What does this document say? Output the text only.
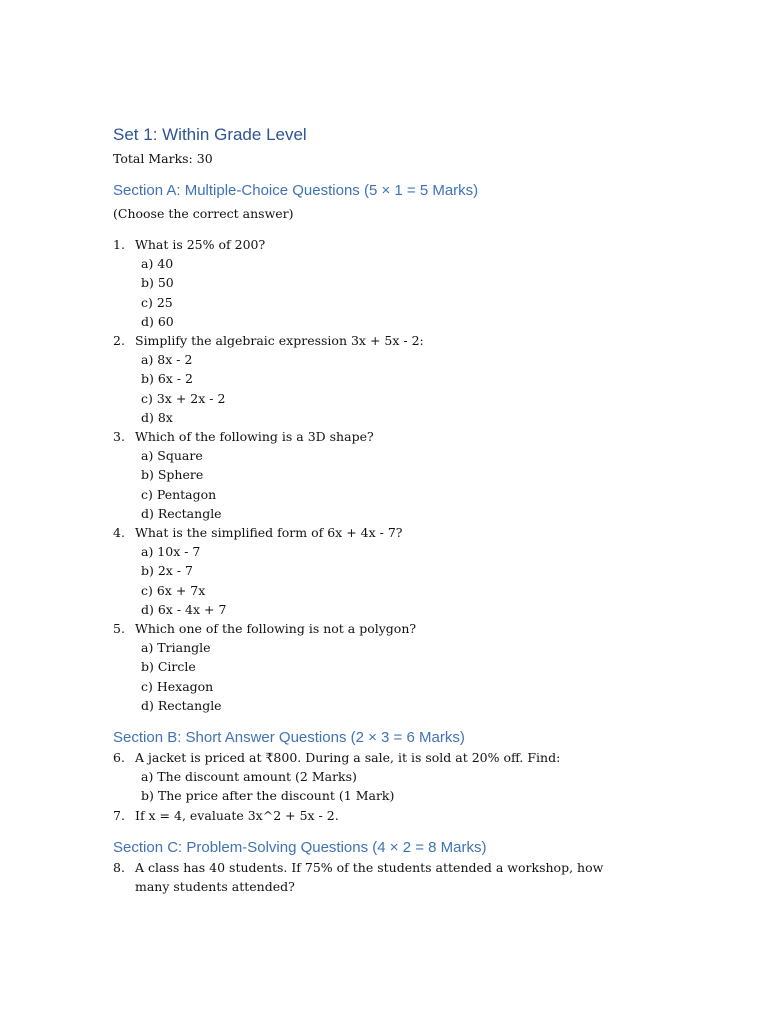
Set 1: Within Grade Level
Total Marks: 30
Section A: Multiple-Choice Questions (5 × 1 = 5 Marks)
(Choose the correct answer)
1. What is 25% of 200?
a) 40
b) 50
c) 25
d) 60
2. Simplify the algebraic expression 3x + 5x - 2:
a) 8x - 2
b) 6x - 2
c) 3x + 2x - 2
d) 8x
3. Which of the following is a 3D shape?
a) Square
b) Sphere
c) Pentagon
d) Rectangle
4. What is the simplified form of 6x + 4x - 7?
a) 10x - 7
b) 2x - 7
c) 6x + 7x
d) 6x - 4x + 7
5. Which one of the following is not a polygon?
a) Triangle
b) Circle
c) Hexagon
d) Rectangle
Section B: Short Answer Questions (2 × 3 = 6 Marks)
6. A jacket is priced at ₹800. During a sale, it is sold at 20% off. Find:
a) The discount amount (2 Marks)
b) The price after the discount (1 Mark)
7. If x = 4, evaluate 3x^2 + 5x - 2.
Section C: Problem-Solving Questions (4 × 2 = 8 Marks)
8. A class has 40 students. If 75% of the students attended a workshop, how many students attended?
